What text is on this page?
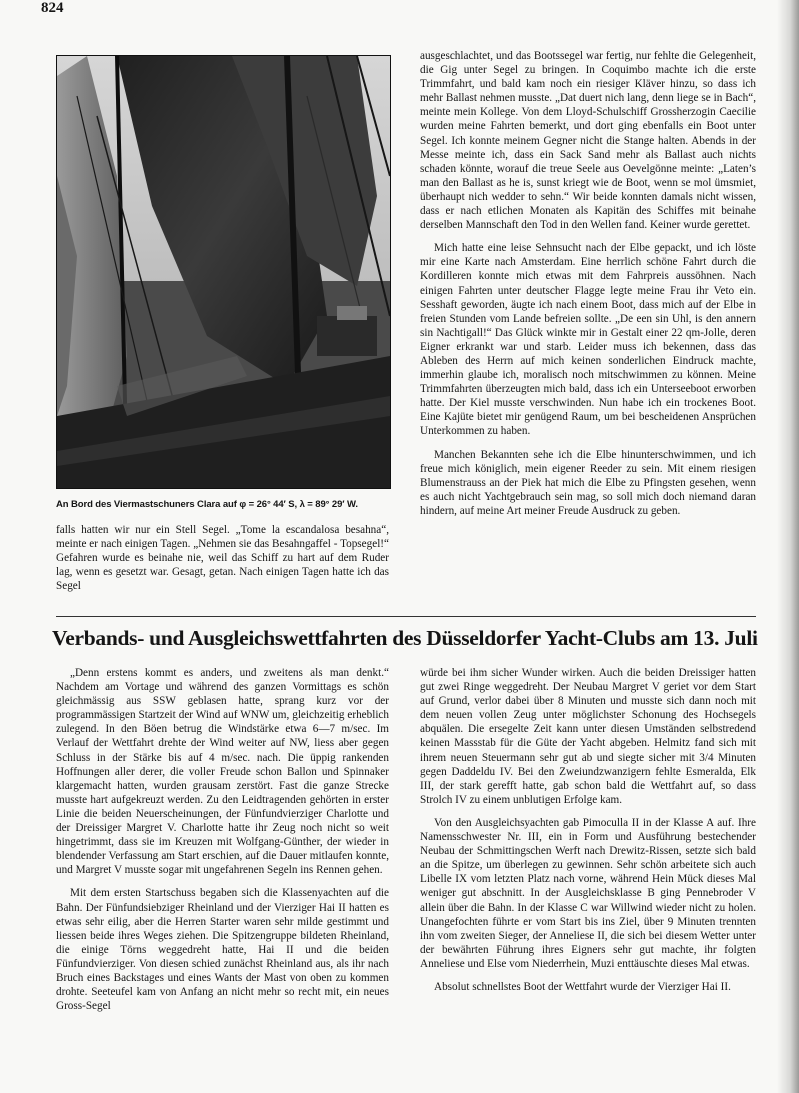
824
An Bord des Viermastschuners Clara auf φ = 26° 44′ S, λ = 89° 29′ W.

falls hatten wir nur ein Stell Segel. „Tome la escandalosa besahna“, meinte er nach einigen Tagen. „Nehmen sie das Besahngaffel - Topsegel!“ Gefahren wurde es beinahe nie, weil das Schiff zu hart auf dem Ruder lag, wenn es gesetzt war. Gesagt, getan. Nach einigen Tagen hatte ich das Segel

ausgeschlachtet, und das Bootssegel war fertig, nur fehlte die Gelegenheit, die Gig unter Segel zu bringen. In Coquimbo machte ich die erste Trimmfahrt, und bald kam noch ein riesiger Kläver hinzu, so dass ich mehr Ballast nehmen musste. „Dat duert nich lang, denn liege se in Bach“, meinte mein Kollege. Von dem Lloyd-Schulschiff Grossherzogin Caecilie wurden meine Fahrten bemerkt, und dort ging ebenfalls ein Boot unter Segel. Ich konnte meinem Gegner nicht die Stange halten. Abends in der Messe meinte ich, dass ein Sack Sand mehr als Ballast auch nichts schaden könnte, worauf die treue Seele aus Oevelgönne meinte: „Laten’s man den Ballast as he is, sunst kriegt wie de Boot, wenn se mol ümsmiet, überhaupt nich wedder to sehn.“ Wir beide konnten damals nicht wissen, dass er nach etlichen Monaten als Kapitän des Schiffes mit beinahe derselben Mannschaft den Tod in den Wellen fand. Keiner wurde gerettet.

Mich hatte eine leise Sehnsucht nach der Elbe gepackt, und ich löste mir eine Karte nach Amsterdam. Eine herrlich schöne Fahrt durch die Kordilleren konnte mich etwas mit dem Fahrpreis aussöhnen. Nach einigen Fahrten unter deutscher Flagge legte meine Frau ihr Veto ein. Sesshaft geworden, äugte ich nach einem Boot, dass mich auf der Elbe in freien Stunden vom Lande befreien sollte. „De een sin Uhl, is den annern sin Nachtigall!“ Das Glück winkte mir in Gestalt einer 22 qm-Jolle, deren Eigner erkrankt war und starb. Leider muss ich bekennen, dass das Ableben des Herrn auf mich keinen sonderlichen Eindruck machte, immerhin glaube ich, moralisch noch mitschwimmen zu können. Meine Trimmfahrten überzeugten mich bald, dass ich ein Unterseeboot erworben hatte. Der Kiel musste verschwinden. Nun habe ich ein trockenes Boot. Eine Kajüte bietet mir genügend Raum, um bei bescheidenen Ansprüchen Unterkommen zu haben.

Manchen Bekannten sehe ich die Elbe hinunterschwimmen, und ich freue mich königlich, mein eigener Reeder zu sein. Mit einem riesigen Blumenstrauss an der Piek hat mich die Elbe zu Pfingsten gesehen, wenn es auch nicht Yachtgebrauch sein mag, so soll mich doch niemand daran hindern, auf meine Art meiner Freude Ausdruck zu geben.

Verbands- und Ausgleichswettfahrten des Düsseldorfer Yacht-Clubs am 13. Juli

„Denn erstens kommt es anders, und zweitens als man denkt.“ Nachdem am Vortage und während des ganzen Vormittags es schön gleichmässig aus SSW geblasen hatte, sprang kurz vor der programmässigen Startzeit der Wind auf WNW um, gleichzeitig erheblich zulegend. In den Böen betrug die Windstärke etwa 6—7 m/sec. Im Verlauf der Wettfahrt drehte der Wind weiter auf NW, liess aber gegen Schluss in der Stärke bis auf 4 m/sec. nach. Die üppig rankenden Hoffnungen aller derer, die voller Freude schon Ballon und Spinnaker klargemacht hatten, wurden grausam zerstört. Fast die ganze Strecke musste hart aufgekreuzt werden. Zu den Leidtragenden gehörten in erster Linie die beiden Neuerscheinungen, der Fünfundvierziger Charlotte und der Dreissiger Margret V. Charlotte hatte ihr Zeug noch nicht so weit hingetrimmt, dass sie im Kreuzen mit Wolfgang-Günther, der wieder in blendender Verfassung am Start erschien, auf die Dauer mitlaufen konnte, und Margret V musste sogar mit ungefahrenen Segeln ins Rennen gehen.

Mit dem ersten Startschuss begaben sich die Klassenyachten auf die Bahn. Der Fünfundsiebziger Rheinland und der Vierziger Hai II hatten es etwas sehr eilig, aber die Herren Starter waren sehr milde gestimmt und liessen beide ihres Weges ziehen. Die Spitzengruppe bildeten Rheinland, die einige Törns weggedreht hatte, Hai II und die beiden Fünfundvierziger. Von diesen schied zunächst Rheinland aus, als ihr nach Bruch eines Backstages und eines Wants der Mast von oben zu kommen drohte. Seeteufel kam von Anfang an nicht mehr so recht mit, ein neues Gross-Segel

würde bei ihm sicher Wunder wirken. Auch die beiden Dreissiger hatten gut zwei Ringe weggedreht. Der Neubau Margret V geriet vor dem Start auf Grund, verlor dabei über 8 Minuten und musste sich dann noch mit dem neuen vollen Zeug unter möglichster Schonung des Hochsegels abquälen. Die ersegelte Zeit kann unter diesen Umständen selbstredend keinen Massstab für die Güte der Yacht abgeben. Helmitz fand sich mit ihrem neuen Steuermann sehr gut ab und siegte sicher mit 3/4 Minuten gegen Daddeldu IV. Bei den Zweiundzwanzigern fehlte Esmeralda, Elk III, der stark gerefft hatte, gab schon bald die Wettfahrt auf, so dass Strolch IV zu einem unblutigen Erfolge kam.

Von den Ausgleichsyachten gab Pimoculla II in der Klasse A auf. Ihre Namensschwester Nr. III, ein in Form und Ausführung bestechender Neubau der Schmittingschen Werft nach Drewitz-Rissen, setzte sich bald an die Spitze, um überlegen zu gewinnen. Sehr schön arbeitete sich auch Libelle IX vom letzten Platz nach vorne, während Hein Mück dieses Mal weniger gut abschnitt. In der Ausgleichsklasse B ging Pennebroder V allein über die Bahn. In der Klasse C war Willwind wieder nicht zu holen. Unangefochten führte er vom Start bis ins Ziel, über 9 Minuten trennten ihn vom zweiten Sieger, der Anneliese II, die sich bei diesem Wetter unter der bewährten Führung ihres Eigners sehr gut machte, ihr folgten Anneliese und Else vom Niederrhein, Muzi enttäuschte dieses Mal etwas.

Absolut schnellstes Boot der Wettfahrt wurde der Vierziger Hai II.
